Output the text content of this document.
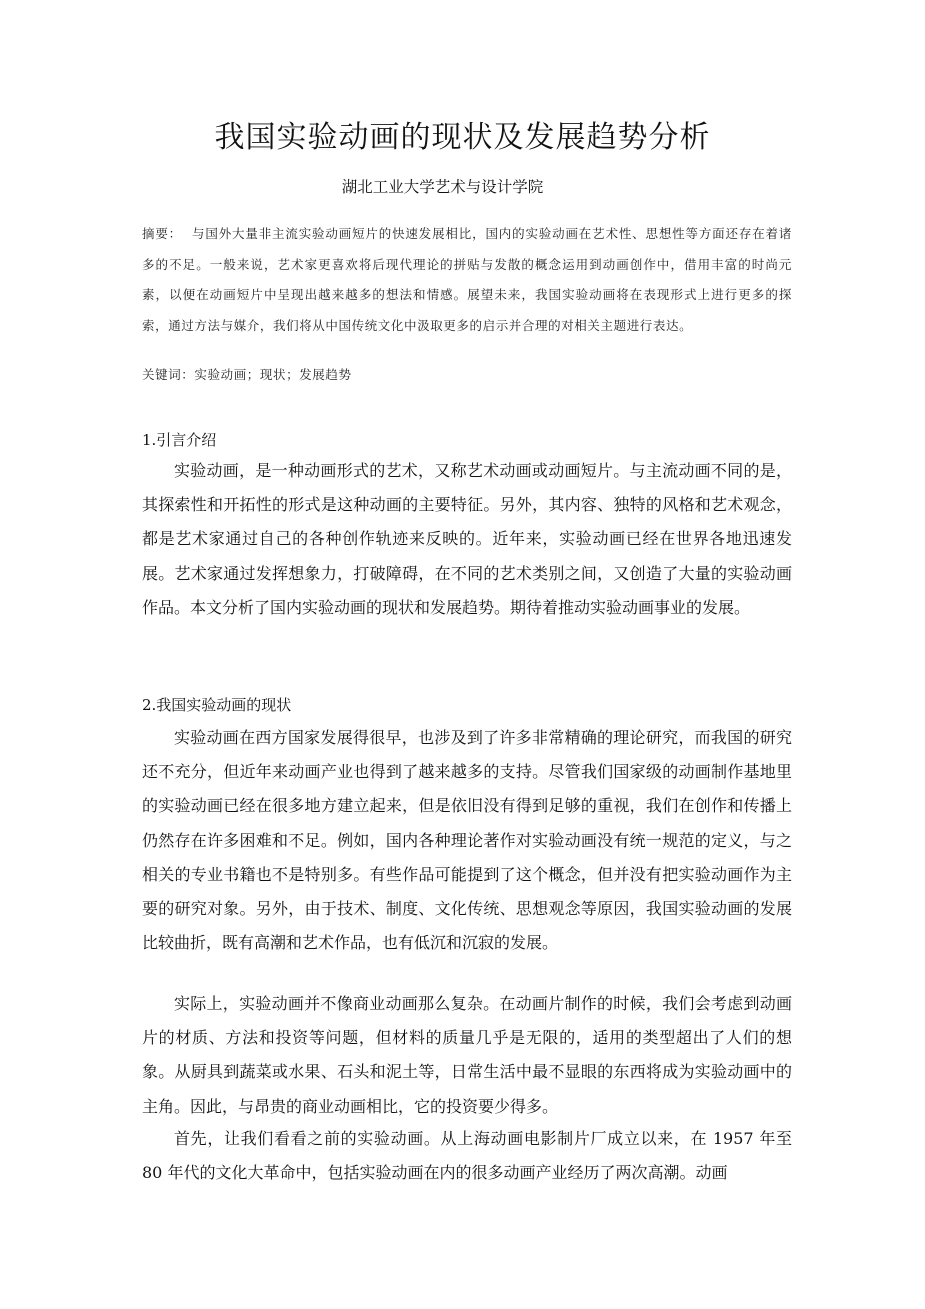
我国实验动画的现状及发展趋势分析
湖北工业大学艺术与设计学院
摘要： 与国外大量非主流实验动画短片的快速发展相比，国内的实验动画在艺术性、思想性等方面还存在着诸多的不足。一般来说，艺术家更喜欢将后现代理论的拼贴与发散的概念运用到动画创作中，借用丰富的时尚元素，以便在动画短片中呈现出越来越多的想法和情感。展望未来，我国实验动画将在表现形式上进行更多的探索，通过方法与媒介，我们将从中国传统文化中汲取更多的启示并合理的对相关主题进行表达。
关键词：实验动画；现状；发展趋势
1.引言介绍

实验动画，是一种动画形式的艺术，又称艺术动画或动画短片。与主流动画不同的是，其探索性和开拓性的形式是这种动画的主要特征。另外，其内容、独特的风格和艺术观念，都是艺术家通过自己的各种创作轨迹来反映的。近年来，实验动画已经在世界各地迅速发展。艺术家通过发挥想象力，打破障碍，在不同的艺术类别之间，又创造了大量的实验动画作品。本文分析了国内实验动画的现状和发展趋势。期待着推动实验动画事业的发展。

2.我国实验动画的现状

实验动画在西方国家发展得很早，也涉及到了许多非常精确的理论研究，而我国的研究还不充分，但近年来动画产业也得到了越来越多的支持。尽管我们国家级的动画制作基地里的实验动画已经在很多地方建立起来，但是依旧没有得到足够的重视，我们在创作和传播上仍然存在许多困难和不足。例如，国内各种理论著作对实验动画没有统一规范的定义，与之相关的专业书籍也不是特别多。有些作品可能提到了这个概念，但并没有把实验动画作为主要的研究对象。另外，由于技术、制度、文化传统、思想观念等原因，我国实验动画的发展比较曲折，既有高潮和艺术作品，也有低沉和沉寂的发展。

实际上，实验动画并不像商业动画那么复杂。在动画片制作的时候，我们会考虑到动画片的材质、方法和投资等问题，但材料的质量几乎是无限的，适用的类型超出了人们的想象。从厨具到蔬菜或水果、石头和泥土等，日常生活中最不显眼的东西将成为实验动画中的主角。因此，与昂贵的商业动画相比，它的投资要少得多。

首先，让我们看看之前的实验动画。从上海动画电影制片厂成立以来，在 1957 年至 80 年代的文化大革命中，包括实验动画在内的很多动画产业经历了两次高潮。动画
